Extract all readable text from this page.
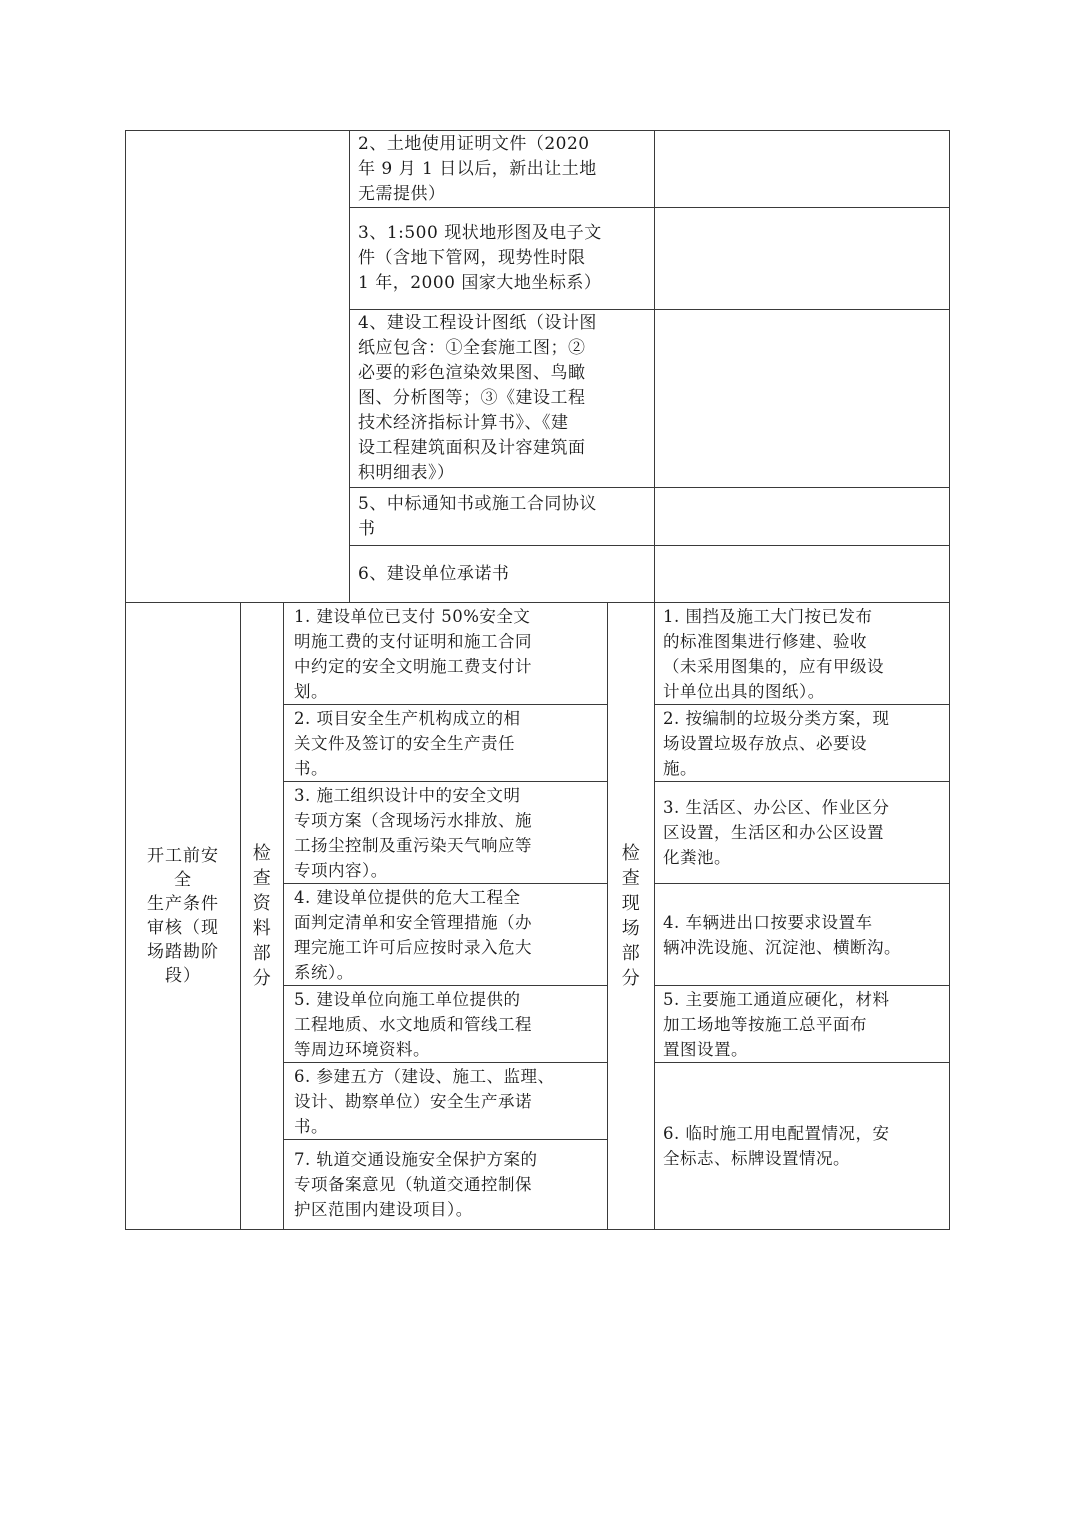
2、土地使用证明文件（2020
年 9 月 1 日以后，新出让土地
无需提供）
3、1:500 现状地形图及电子文
件（含地下管网，现势性时限
1 年，2000 国家大地坐标系）
4、建设工程设计图纸（设计图
纸应包含：①全套施工图；②
必要的彩色渲染效果图、鸟瞰
图、分析图等；③《建设工程
技术经济指标计算书》、《建
设工程建筑面积及计容建筑面
积明细表》）
5、中标通知书或施工合同协议
书
6、建设单位承诺书
开工前安
全
生产条件
审核（现
场踏勘阶
段）
检
查
资
料
部
分
检
查
现
场
部
分
1. 建设单位已支付 50%安全文
明施工费的支付证明和施工合同
中约定的安全文明施工费支付计
划。
2. 项目安全生产机构成立的相
关文件及签订的安全生产责任
书。
3. 施工组织设计中的安全文明
专项方案（含现场污水排放、施
工扬尘控制及重污染天气响应等
专项内容）。
4. 建设单位提供的危大工程全
面判定清单和安全管理措施（办
理完施工许可后应按时录入危大
系统）。
5. 建设单位向施工单位提供的
工程地质、水文地质和管线工程
等周边环境资料。
6. 参建五方（建设、施工、监理、
设计、勘察单位）安全生产承诺
书。
7. 轨道交通设施安全保护方案的
专项备案意见（轨道交通控制保
护区范围内建设项目）。
1. 围挡及施工大门按已发布
的标准图集进行修建、验收
（未采用图集的，应有甲级设
计单位出具的图纸）。
2. 按编制的垃圾分类方案，现
场设置垃圾存放点、必要设
施。
3. 生活区、办公区、作业区分
区设置，生活区和办公区设置
化粪池。
4. 车辆进出口按要求设置车
辆冲洗设施、沉淀池、横断沟。
5. 主要施工通道应硬化，材料
加工场地等按施工总平面布
置图设置。
6. 临时施工用电配置情况，安
全标志、标牌设置情况。
